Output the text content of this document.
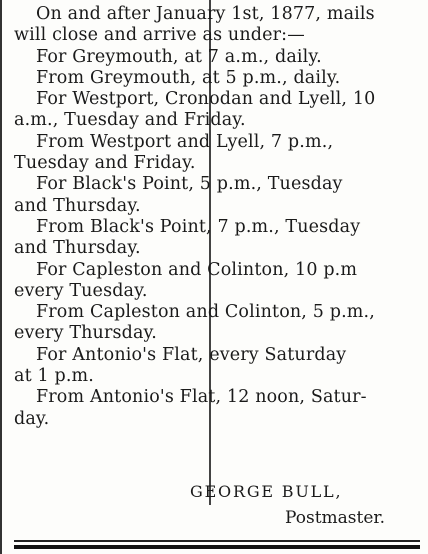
On and after January 1st, 1877, mails
will close and arrive as under:—
For Greymouth, at 7 a.m., daily.
From Greymouth, at 5 p.m., daily.
For Westport, Cronodan and Lyell, 10
a.m., Tuesday and Friday.
From Westport and Lyell, 7 p.m.,
Tuesday and Friday.
For Black's Point, 5 p.m., Tuesday
and Thursday.
From Black's Point, 7 p.m., Tuesday
and Thursday.
For Capleston and Colinton, 10 p.m
every Tuesday.
From Capleston and Colinton, 5 p.m.,
every Thursday.
For Antonio's Flat, every Saturday
at 1 p.m.
From Antonio's Flat, 12 noon, Satur-
day.
GEORGE BULL,
Postmaster.
